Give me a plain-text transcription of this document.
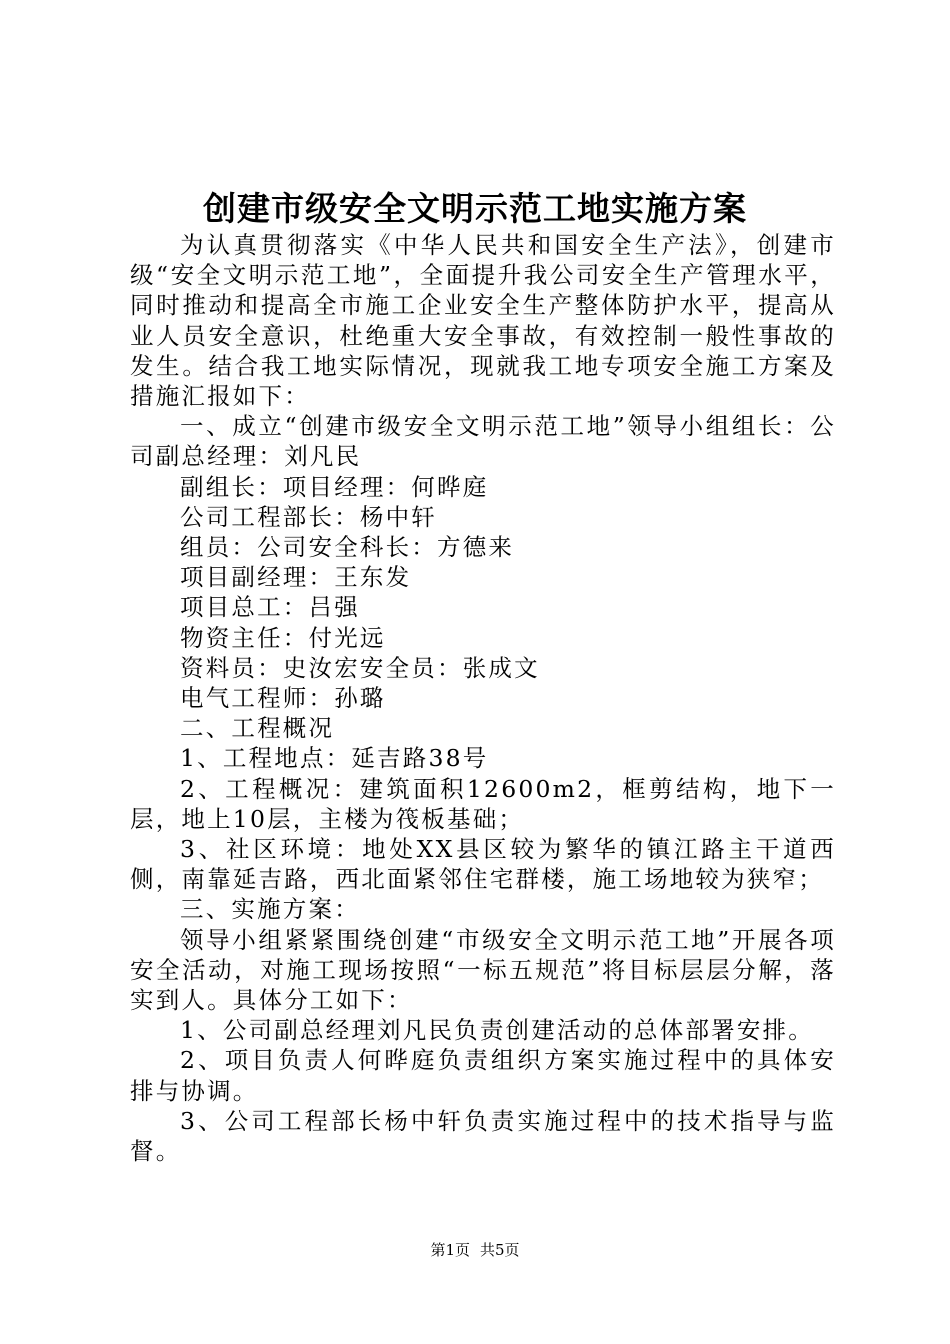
创建市级安全文明示范工地实施方案

为认真贯彻落实《中华人民共和国安全生产法》，创建市级“安全文明示范工地”，全面提升我公司安全生产管理水平，同时推动和提高全市施工企业安全生产整体防护水平，提高从业人员安全意识，杜绝重大安全事故，有效控制一般性事故的发生。结合我工地实际情况，现就我工地专项安全施工方案及措施汇报如下：

一、成立“创建市级安全文明示范工地”领导小组组长：公司副总经理：刘凡民

副组长：项目经理：何晔庭

公司工程部长：杨中轩

组员：公司安全科长：方德来

项目副经理：王东发

项目总工：吕强

物资主任：付光远

资料员：史汝宏安全员：张成文

电气工程师：孙璐

二、工程概况

1、工程地点：延吉路38号

2、工程概况：建筑面积12600m2，框剪结构，地下一层，地上10层，主楼为筏板基础；

3、社区环境：地处XX县区较为繁华的镇江路主干道西侧，南靠延吉路，西北面紧邻住宅群楼，施工场地较为狭窄；

三、实施方案：

领导小组紧紧围绕创建“市级安全文明示范工地”开展各项安全活动，对施工现场按照“一标五规范”将目标层层分解，落实到人。具体分工如下：

1、公司副总经理刘凡民负责创建活动的总体部署安排。

2、项目负责人何晔庭负责组织方案实施过程中的具体安排与协调。

3、公司工程部长杨中轩负责实施过程中的技术指导与监督。

第1页 共5页
